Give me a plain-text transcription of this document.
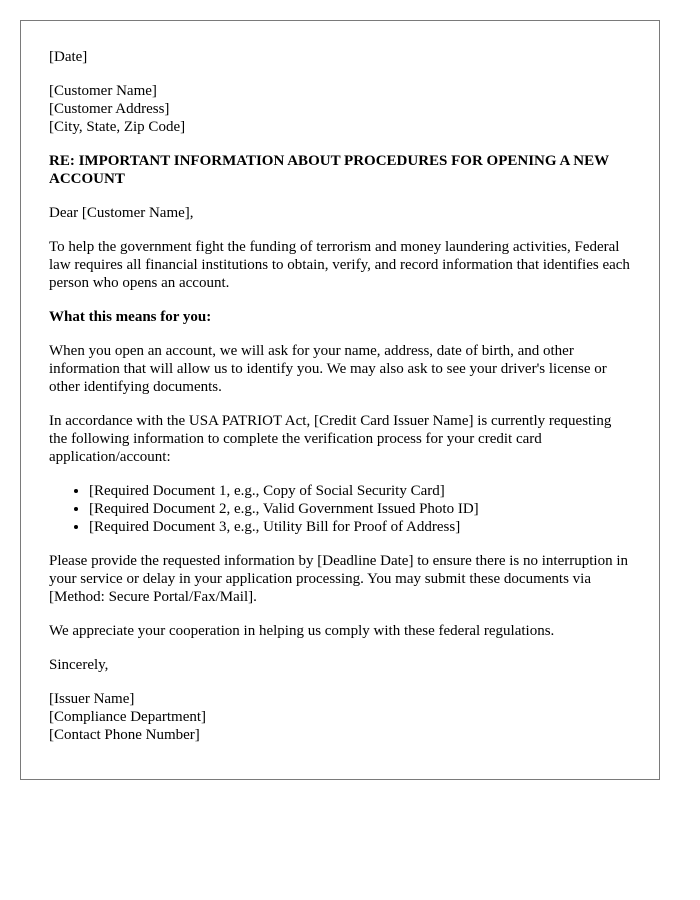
[Date]
[Customer Name]
[Customer Address]
[City, State, Zip Code]
RE: IMPORTANT INFORMATION ABOUT PROCEDURES FOR OPENING A NEW ACCOUNT

Dear [Customer Name],

To help the government fight the funding of terrorism and money laundering activities, Federal law requires all financial institutions to obtain, verify, and record information that identifies each person who opens an account.

What this means for you:

When you open an account, we will ask for your name, address, date of birth, and other information that will allow us to identify you. We may also ask to see your driver's license or other identifying documents.

In accordance with the USA PATRIOT Act, [Credit Card Issuer Name] is currently requesting the following information to complete the verification process for your credit card application/account:

• [Required Document 1, e.g., Copy of Social Security Card]
• [Required Document 2, e.g., Valid Government Issued Photo ID]
• [Required Document 3, e.g., Utility Bill for Proof of Address]

Please provide the requested information by [Deadline Date] to ensure there is no interruption in your service or delay in your application processing. You may submit these documents via [Method: Secure Portal/Fax/Mail].

We appreciate your cooperation in helping us comply with these federal regulations.

Sincerely,

[Issuer Name]
[Compliance Department]
[Contact Phone Number]
